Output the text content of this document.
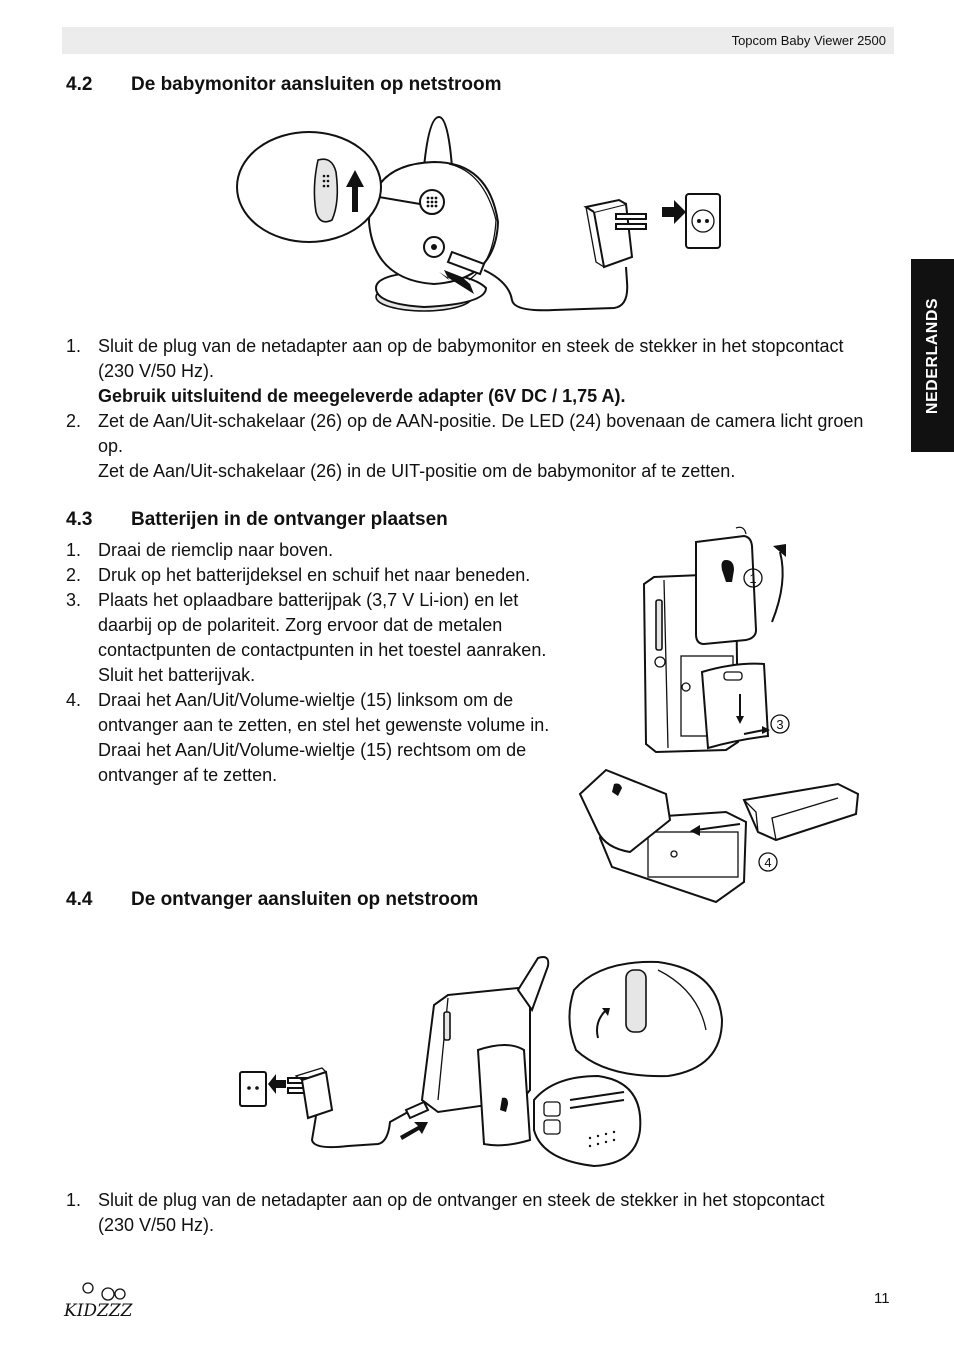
Topcom Baby Viewer 2500
NEDERLANDS
4.2 De babymonitor aansluiten op netstroom
1. Sluit de plug van de netadapter aan op de babymonitor en steek de stekker in het stopcontact (230 V/50 Hz).
Gebruik uitsluitend de meegeleverde adapter (6V DC / 1,75 A).
2. Zet de Aan/Uit-schakelaar (26) op de AAN-positie. De LED (24) bovenaan de camera licht groen op.
Zet de Aan/Uit-schakelaar (26) in de UIT-positie om de babymonitor af te zetten.
4.3 Batterijen in de ontvanger plaatsen
1. Draai de riemclip naar boven.
2. Druk op het batterijdeksel en schuif het naar beneden.
3. Plaats het oplaadbare batterijpak (3,7 V Li-ion) en let daarbij op de polariteit. Zorg ervoor dat de metalen contactpunten de contactpunten in het toestel aanraken.
Sluit het batterijvak.
4. Draai het Aan/Uit/Volume-wieltje (15) linksom om de ontvanger aan te zetten, en stel het gewenste volume in.
Draai het Aan/Uit/Volume-wieltje (15) rechtsom om de ontvanger af te zetten.
1
3
4
4.4 De ontvanger aansluiten op netstroom
1. Sluit de plug van de netadapter aan op de ontvanger en steek de stekker in het stopcontact (230 V/50 Hz).
KIDZZZ
11
